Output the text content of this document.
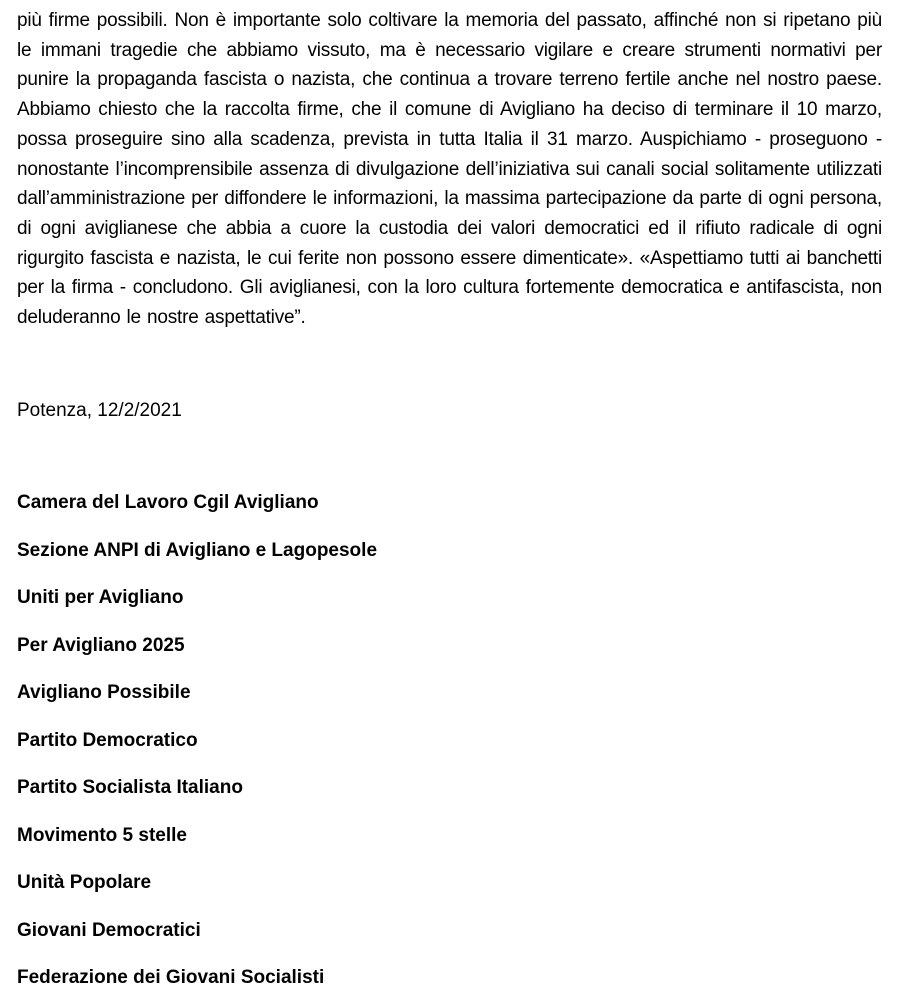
più firme possibili. Non è importante solo coltivare la memoria del passato, affinché non si ripetano più le immani tragedie che abbiamo vissuto, ma è necessario vigilare e creare strumenti normativi per punire la propaganda fascista o nazista, che continua a trovare terreno fertile anche nel nostro paese. Abbiamo chiesto che la raccolta firme, che il comune di Avigliano ha deciso di terminare il 10 marzo, possa proseguire sino alla scadenza, prevista in tutta Italia il 31 marzo. Auspichiamo - proseguono - nonostante l’incomprensibile assenza di divulgazione dell’iniziativa sui canali social solitamente utilizzati dall’amministrazione per diffondere le informazioni, la massima partecipazione da parte di ogni persona, di ogni aviglianese che abbia a cuore la custodia dei valori democratici ed il rifiuto radicale di ogni rigurgito fascista e nazista, le cui ferite non possono essere dimenticate». «Aspettiamo tutti ai banchetti per la firma - concludono. Gli aviglianesi, con la loro cultura fortemente democratica e antifascista, non deluderanno le nostre aspettative”.

Potenza, 12/2/2021

Camera del Lavoro Cgil Avigliano

Sezione ANPI di Avigliano e Lagopesole

Uniti per Avigliano

Per Avigliano 2025

Avigliano Possibile

Partito Democratico

Partito Socialista Italiano

Movimento 5 stelle

Unità Popolare

Giovani Democratici

Federazione dei Giovani Socialisti
